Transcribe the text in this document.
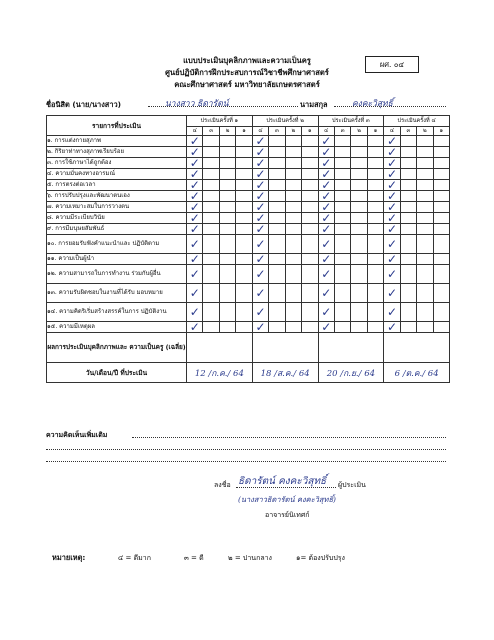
ผศ. ๐๔
แบบประเมินบุคลิกภาพและความเป็นครู
ศูนย์ปฏิบัติการฝึกประสบการณ์วิชาชีพศึกษาศาสตร์
คณะศึกษาศาสตร์ มหาวิทยาลัยเกษตรศาสตร์
ชื่อนิสิต (นาย/นางสาว)	นางสาว ธิดารัตน์	นามสกุล	คงคะวิสุทธิ์
รายการที่ประเมิน	ประเมินครั้งที่ ๑				ประเมินครั้งที่ ๒				ประเมินครั้งที่ ๓				ประเมินครั้งที่ ๔			
	๔	๓	๒	๑	๔	๓	๒	๑	๔	๓	๒	๑	๔	๓	๒	๑
๑. การแต่งกายสุภาพ	✓				✓				✓				✓			
๒. กิริยาท่าทางสุภาพเรียบร้อย	✓				✓				✓				✓			
๓. การใช้ภาษาได้ถูกต้อง	✓				✓				✓				✓			
๔. ความมั่นคงทางอารมณ์	✓				✓				✓				✓			
๕. การตรงต่อเวลา	✓				✓				✓				✓			
๖. การปรับปรุงและพัฒนาตนเอง	✓				✓				✓				✓			
๗. ความเหมาะสมในการวางตน	✓				✓				✓				✓			
๘. ความมีระเบียบวินัย	✓				✓				✓				✓			
๙. การมีมนุษยสัมพันธ์	✓				✓				✓				✓			
๑๐. การยอมรับฟังคำแนะนำและ ปฏิบัติตาม	✓				✓				✓				✓			
๑๑. ความเป็นผู้นำ	✓				✓				✓				✓			
๑๒. ความสามารถในการทำงาน ร่วมกับผู้อื่น	✓				✓				✓				✓			
๑๓. ความรับผิดชอบในงานที่ได้รับ มอบหมาย	✓				✓				✓				✓			
๑๔. ความคิดริเริ่มสร้างสรรค์ในการ ปฏิบัติงาน	✓				✓				✓				✓			
๑๕. ความมีเหตุผล	✓				✓				✓				✓			
ผลการประเมินบุคลิกภาพและ ความเป็นครู (เฉลี่ย)																
วัน/เดือน/ปี ที่ประเมิน	12 /ก.ค./ 64				18 /ส.ค./ 64				20 /ก.ย./ 64				6 /ต.ค./ 64			
ความคิดเห็นเพิ่มเติม
ลงชื่อ ธิดารัตน์ คงคะวิสุทธิ์ ผู้ประเมิน
(นางสาวธิดารัตน์ คงคะวิสุทธิ์)
อาจารย์นิเทศก์
หมายเหตุ:	๔ = ดีมาก	๓ = ดี	๒ = ปานกลาง	๑= ต้องปรับปรุง
